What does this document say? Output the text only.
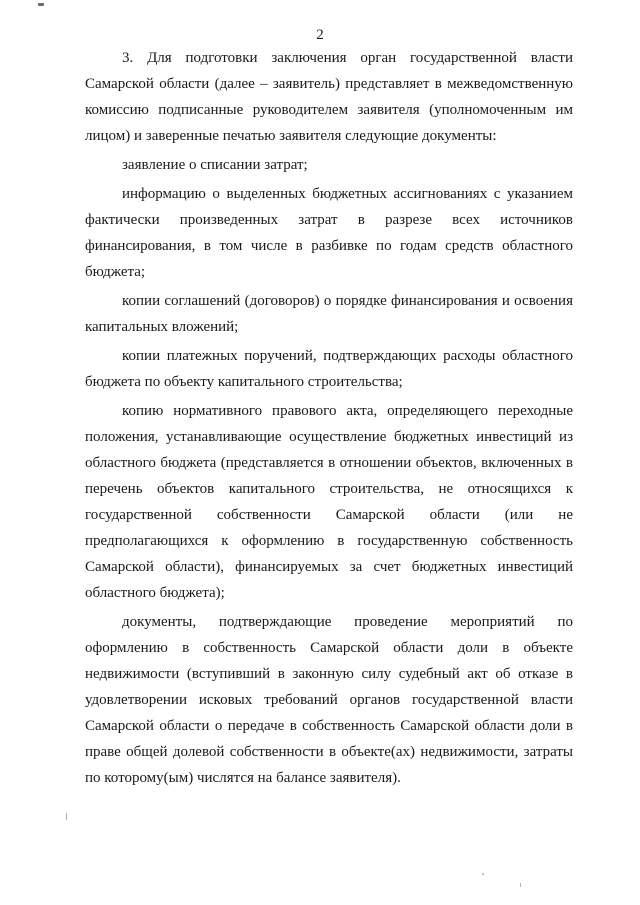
2

3. Для подготовки заключения орган государственной власти Самарской области (далее – заявитель) представляет в межведомственную комиссию подписанные руководителем заявителя (уполномоченным им лицом) и заверенные печатью заявителя следующие документы:

заявление о списании затрат;

информацию о выделенных бюджетных ассигнованиях с указанием фактически произведенных затрат в разрезе всех источников финансирования, в том числе в разбивке по годам средств областного бюджета;

копии соглашений (договоров) о порядке финансирования и освоения капитальных вложений;

копии платежных поручений, подтверждающих расходы областного бюджета по объекту капитального строительства;

копию нормативного правового акта, определяющего переходные положения, устанавливающие осуществление бюджетных инвестиций из областного бюджета (представляется в отношении объектов, включенных в перечень объектов капитального строительства, не относящихся к государственной собственности Самарской области (или не предполагающихся к оформлению в государственную собственность Самарской области), финансируемых за счет бюджетных инвестиций областного бюджета);

документы, подтверждающие проведение мероприятий по оформлению в собственность Самарской области доли в объекте недвижимости (вступивший в законную силу судебный акт об отказе в удовлетворении исковых требований органов государственной власти Самарской области о передаче в собственность Самарской области доли в праве общей долевой собственности в объекте(ах) недвижимости, затраты по которому(ым) числятся на балансе заявителя).
